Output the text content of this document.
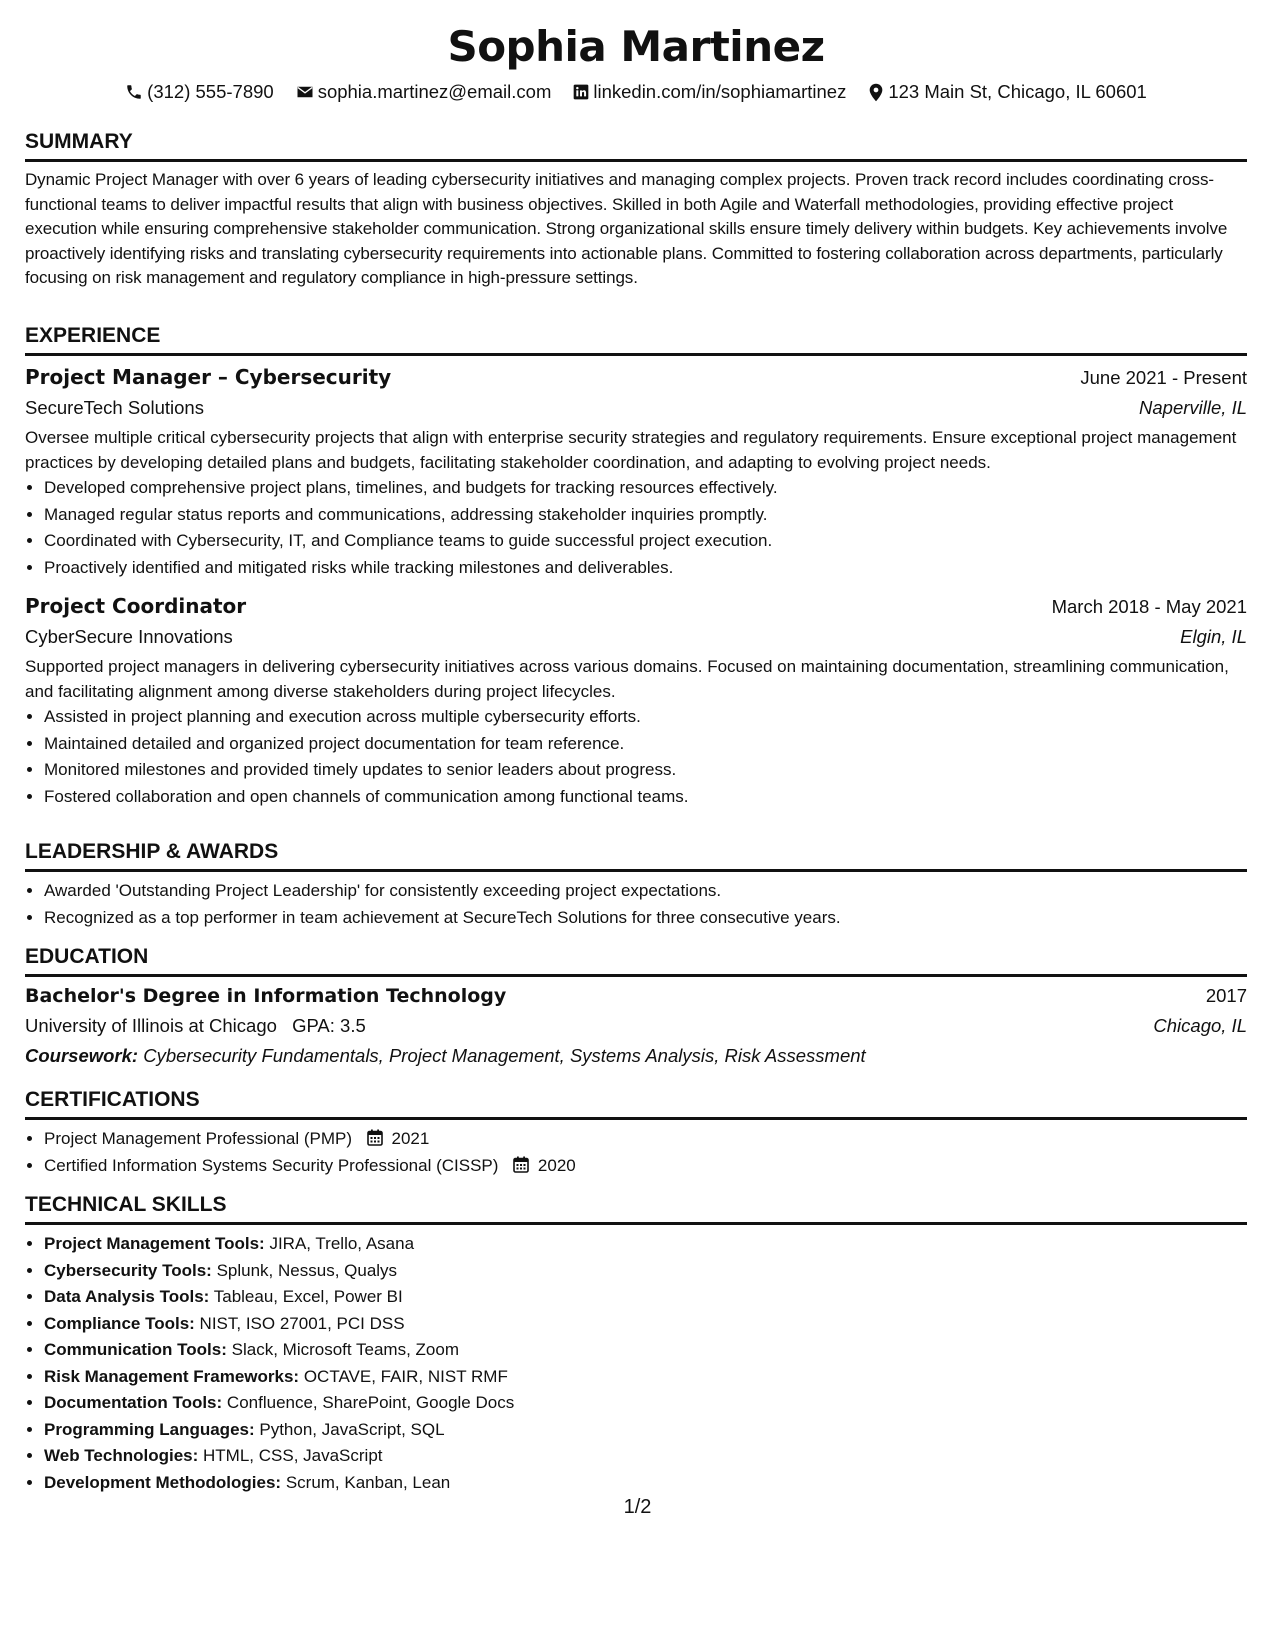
Sophia Martinez
(312) 555-7890 sophia.martinez@email.com linkedin.com/in/sophiamartinez 123 Main St, Chicago, IL 60601
SUMMARY

Dynamic Project Manager with over 6 years of leading cybersecurity initiatives and managing complex projects. Proven track record includes coordinating cross-functional teams to deliver impactful results that align with business objectives. Skilled in both Agile and Waterfall methodologies, providing effective project execution while ensuring comprehensive stakeholder communication. Strong organizational skills ensure timely delivery within budgets. Key achievements involve proactively identifying risks and translating cybersecurity requirements into actionable plans. Committed to fostering collaboration across departments, particularly focusing on risk management and regulatory compliance in high-pressure settings.

EXPERIENCE
Project Manager – Cybersecurity	June 2021 - Present
SecureTech Solutions	Naperville, IL

Oversee multiple critical cybersecurity projects that align with enterprise security strategies and regulatory requirements. Ensure exceptional project management practices by developing detailed plans and budgets, facilitating stakeholder coordination, and adapting to evolving project needs.

• Developed comprehensive project plans, timelines, and budgets for tracking resources effectively.
• Managed regular status reports and communications, addressing stakeholder inquiries promptly.
• Coordinated with Cybersecurity, IT, and Compliance teams to guide successful project execution.
• Proactively identified and mitigated risks while tracking milestones and deliverables.
Project Coordinator	March 2018 - May 2021
CyberSecure Innovations	Elgin, IL

Supported project managers in delivering cybersecurity initiatives across various domains. Focused on maintaining documentation, streamlining communication, and facilitating alignment among diverse stakeholders during project lifecycles.

• Assisted in project planning and execution across multiple cybersecurity efforts.
• Maintained detailed and organized project documentation for team reference.
• Monitored milestones and provided timely updates to senior leaders about progress.
• Fostered collaboration and open channels of communication among functional teams.
LEADERSHIP & AWARDS
• Awarded 'Outstanding Project Leadership' for consistently exceeding project expectations.
• Recognized as a top performer in team achievement at SecureTech Solutions for three consecutive years.
EDUCATION
Bachelor's Degree in Information Technology	2017
University of Illinois at Chicago GPA: 3.5	Chicago, IL
Coursework: Cybersecurity Fundamentals, Project Management, Systems Analysis, Risk Assessment
CERTIFICATIONS
• Project Management Professional (PMP) 2021
• Certified Information Systems Security Professional (CISSP) 2020
TECHNICAL SKILLS
• Project Management Tools: JIRA, Trello, Asana
• Cybersecurity Tools: Splunk, Nessus, Qualys
• Data Analysis Tools: Tableau, Excel, Power BI
• Compliance Tools: NIST, ISO 27001, PCI DSS
• Communication Tools: Slack, Microsoft Teams, Zoom
• Risk Management Frameworks: OCTAVE, FAIR, NIST RMF
• Documentation Tools: Confluence, SharePoint, Google Docs
• Programming Languages: Python, JavaScript, SQL
• Web Technologies: HTML, CSS, JavaScript
• Development Methodologies: Scrum, Kanban, Lean
1/2
